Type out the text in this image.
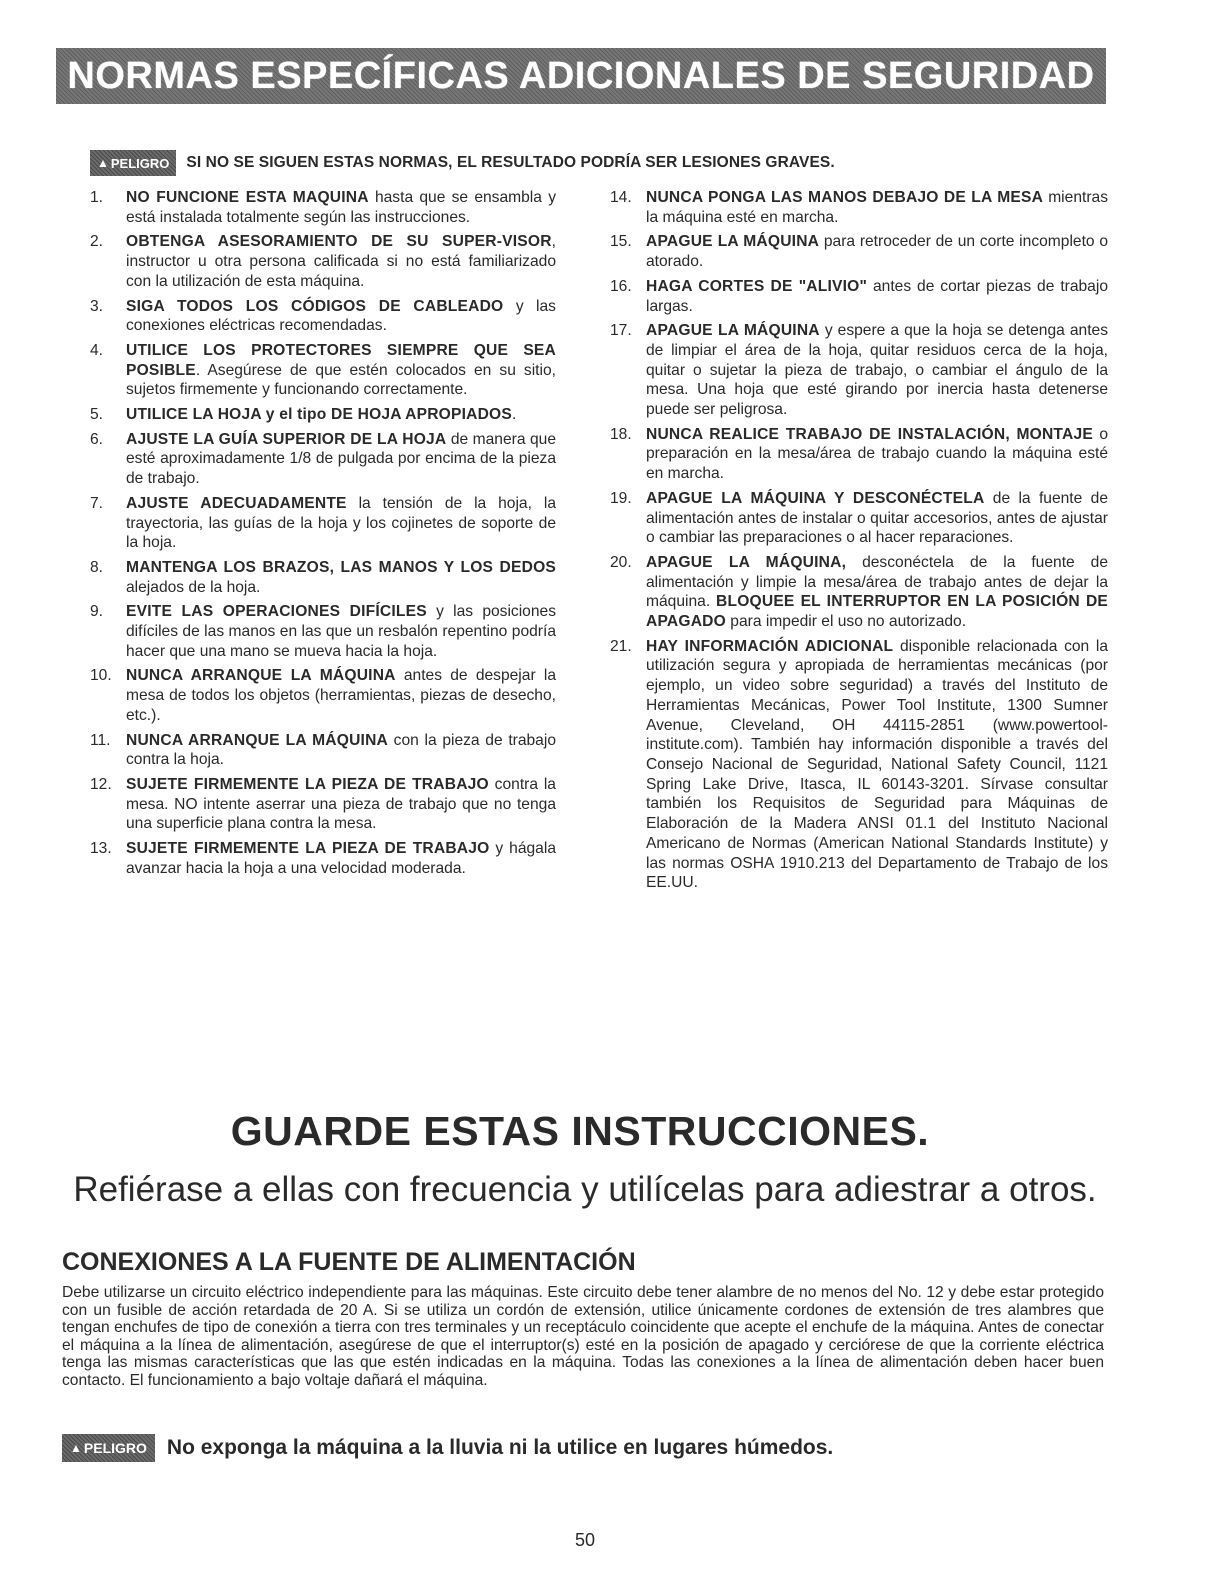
NORMAS ESPECÍFICAS ADICIONALES DE SEGURIDAD
▲ PELIGRO SI NO SE SIGUEN ESTAS NORMAS, EL RESULTADO PODRÍA SER LESIONES GRAVES.
1.	NO FUNCIONE ESTA MAQUINA hasta que se ensambla y está instalada totalmente según las instrucciones.
2.	OBTENGA ASESORAMIENTO DE SU SUPER-VISOR, instructor u otra persona calificada si no está familiarizado con la utilización de esta máquina.
3.	SIGA TODOS LOS CÓDIGOS DE CABLEADO y las conexiones eléctricas recomendadas.
4.	UTILICE LOS PROTECTORES SIEMPRE QUE SEA POSIBLE. Asegúrese de que estén colocados en su sitio, sujetos firmemente y funcionando correctamente.
5.	UTILICE LA HOJA y el tipo DE HOJA APROPIADOS.
6.	AJUSTE LA GUÍA SUPERIOR DE LA HOJA de manera que esté aproximadamente 1/8 de pulgada por encima de la pieza de trabajo.
7.	AJUSTE ADECUADAMENTE la tensión de la hoja, la trayectoria, las guías de la hoja y los cojinetes de soporte de la hoja.
8.	MANTENGA LOS BRAZOS, LAS MANOS Y LOS DEDOS alejados de la hoja.
9.	EVITE LAS OPERACIONES DIFÍCILES y las posiciones difíciles de las manos en las que un resbalón repentino podría hacer que una mano se mueva hacia la hoja.
10. NUNCA ARRANQUE LA MÁQUINA antes de despejar la mesa de todos los objetos (herramientas, piezas de desecho, etc.).
11. NUNCA ARRANQUE LA MÁQUINA con la pieza de trabajo contra la hoja.
12. SUJETE FIRMEMENTE LA PIEZA DE TRABAJO contra la mesa. NO intente aserrar una pieza de trabajo que no tenga una superficie plana contra la mesa.
13. SUJETE FIRMEMENTE LA PIEZA DE TRABAJO y hágala avanzar hacia la hoja a una velocidad moderada.
14. NUNCA PONGA LAS MANOS DEBAJO DE LA MESA mientras la máquina esté en marcha.
15. APAGUE LA MÁQUINA para retroceder de un corte incompleto o atorado.
16. HAGA CORTES DE "ALIVIO" antes de cortar piezas de trabajo largas.
17. APAGUE LA MÁQUINA y espere a que la hoja se detenga antes de limpiar el área de la hoja, quitar residuos cerca de la hoja, quitar o sujetar la pieza de trabajo, o cambiar el ángulo de la mesa. Una hoja que esté girando por inercia hasta detenerse puede ser peligrosa.
18. NUNCA REALICE TRABAJO DE INSTALACIÓN, MONTAJE o preparación en la mesa/área de trabajo cuando la máquina esté en marcha.
19. APAGUE LA MÁQUINA Y DESCONÉCTELA de la fuente de alimentación antes de instalar o quitar accesorios, antes de ajustar o cambiar las preparaciones o al hacer reparaciones.
20. APAGUE LA MÁQUINA, desconéctela de la fuente de alimentación y limpie la mesa/área de trabajo antes de dejar la máquina. BLOQUEE EL INTERRUPTOR EN LA POSICIÓN DE APAGADO para impedir el uso no autorizado.
21. HAY INFORMACIÓN ADICIONAL disponible relacionada con la utilización segura y apropiada de herramientas mecánicas (por ejemplo, un video sobre seguridad) a través del Instituto de Herramientas Mecánicas, Power Tool Institute, 1300 Sumner Avenue, Cleveland, OH 44115-2851 (www.powertool-institute.com). También hay información disponible a través del Consejo Nacional de Seguridad, National Safety Council, 1121 Spring Lake Drive, Itasca, IL 60143-3201. Sírvase consultar también los Requisitos de Seguridad para Máquinas de Elaboración de la Madera ANSI 01.1 del Instituto Nacional Americano de Normas (American National Standards Institute) y las normas OSHA 1910.213 del Departamento de Trabajo de los EE.UU.
GUARDE ESTAS INSTRUCCIONES.
Refiérase a ellas con frecuencia y utilícelas para adiestrar a otros.
CONEXIONES A LA FUENTE DE ALIMENTACIÓN
Debe utilizarse un circuito eléctrico independiente para las máquinas. Este circuito debe tener alambre de no menos del No. 12 y debe estar protegido con un fusible de acción retardada de 20 A. Si se utiliza un cordón de extensión, utilice únicamente cordones de extensión de tres alambres que tengan enchufes de tipo de conexión a tierra con tres terminales y un receptáculo coincidente que acepte el enchufe de la máquina. Antes de conectar el máquina a la línea de alimentación, asegúrese de que el interruptor(s) esté en la posición de apagado y cerciórese de que la corriente eléctrica tenga las mismas características que las que estén indicadas en la máquina. Todas las conexiones a la línea de alimentación deben hacer buen contacto. El funcionamiento a bajo voltaje dañará el máquina.
▲ PELIGRO No exponga la máquina a la lluvia ni la utilice en lugares húmedos.
50
